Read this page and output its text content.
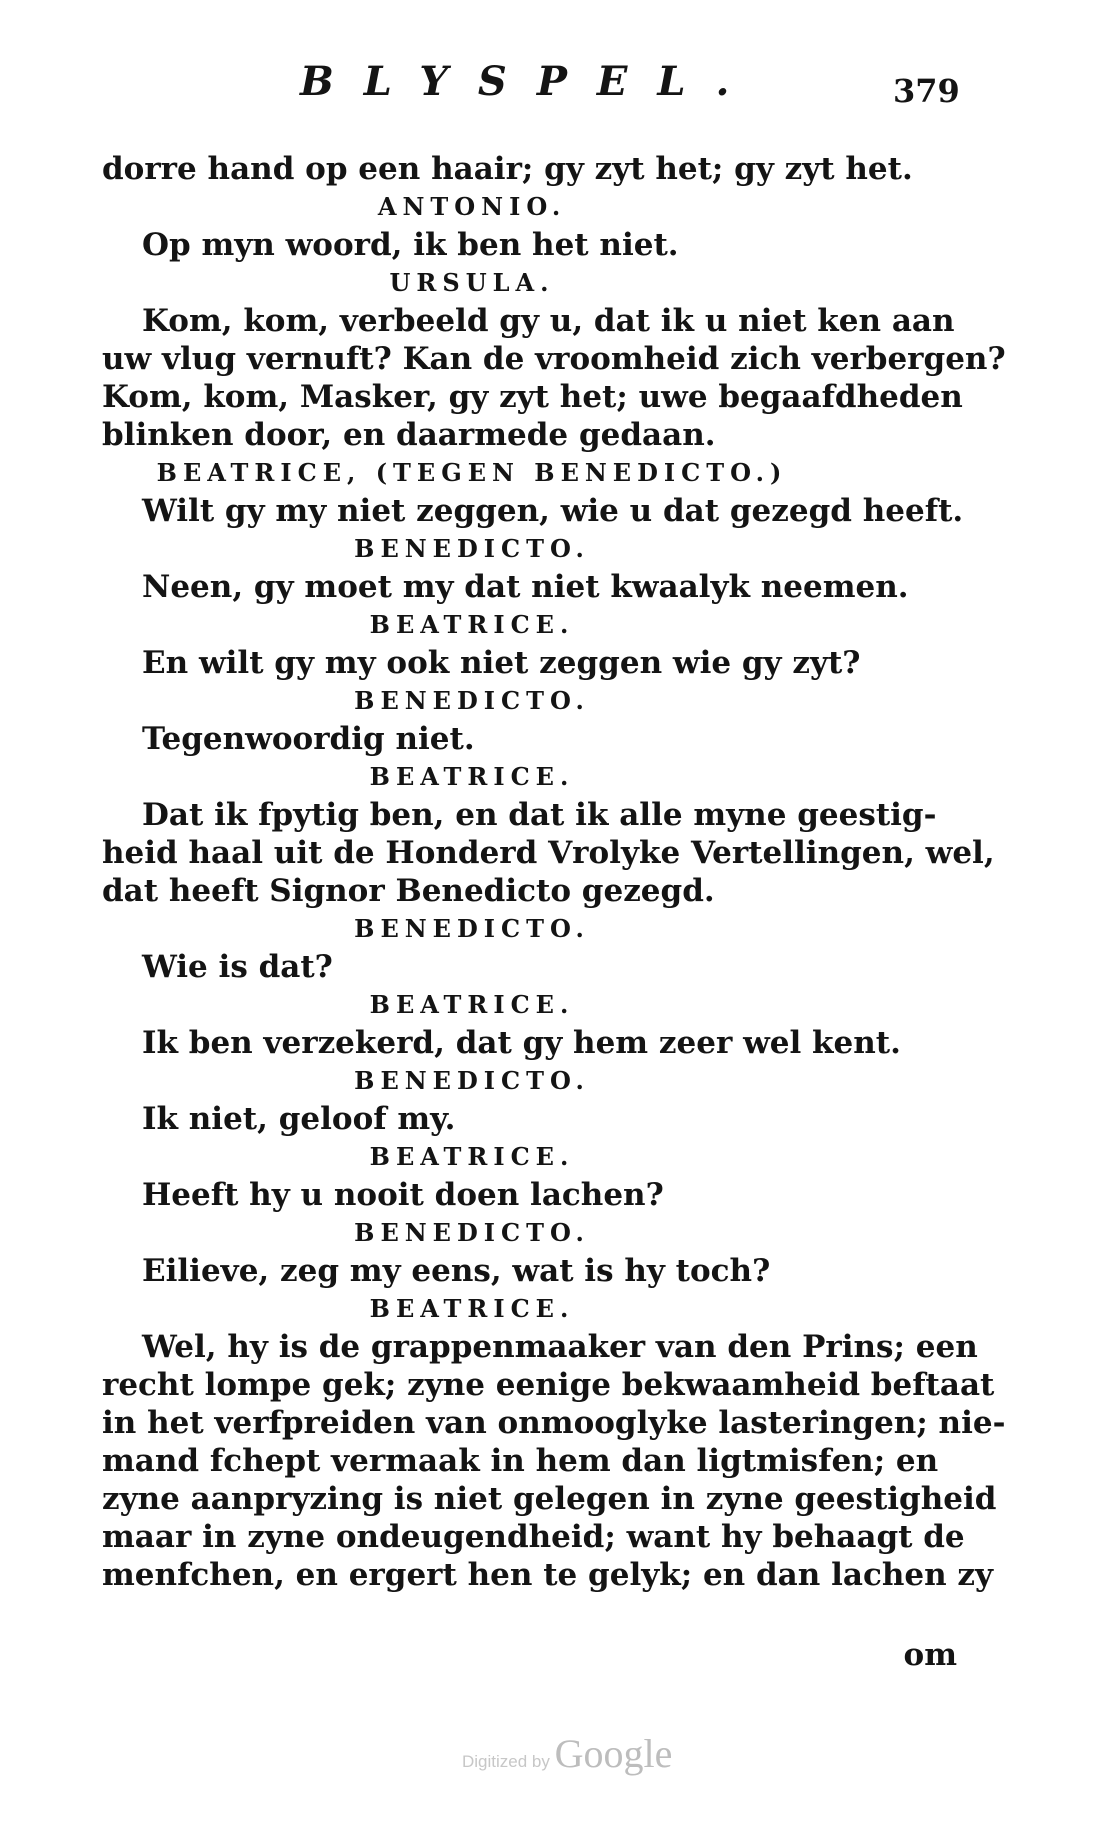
BLYSPEL.	379
dorre hand op een haair; gy zyt het; gy zyt het.
ANTONIO.
Op myn woord, ik ben het niet.
URSULA.
Kom, kom, verbeeld gy u, dat ik u niet ken aan
uw vlug vernuft? Kan de vroomheid zich verbergen?
Kom, kom, Masker, gy zyt het; uwe begaafdheden
blinken door, en daarmede gedaan.
BEATRICE, (TEGEN BENEDICTO.)
Wilt gy my niet zeggen, wie u dat gezegd heeft.
BENEDICTO.
Neen, gy moet my dat niet kwaalyk neemen.
BEATRICE.
En wilt gy my ook niet zeggen wie gy zyt?
BENEDICTO.
Tegenwoordig niet.
BEATRICE.
Dat ik fpytig ben, en dat ik alle myne geestig-
heid haal uit de Honderd Vrolyke Vertellingen, wel,
dat heeft Signor Benedicto gezegd.
BENEDICTO.
Wie is dat?
BEATRICE.
Ik ben verzekerd, dat gy hem zeer wel kent.
BENEDICTO.
Ik niet, geloof my.
BEATRICE.
Heeft hy u nooit doen lachen?
BENEDICTO.
Eilieve, zeg my eens, wat is hy toch?
BEATRICE.
Wel, hy is de grappenmaaker van den Prins; een
recht lompe gek; zyne eenige bekwaamheid beftaat
in het verfpreiden van onmooglyke lasteringen; nie-
mand fchept vermaak in hem dan ligtmisfen; en
zyne aanpryzing is niet gelegen in zyne geestigheid
maar in zyne ondeugendheid; want hy behaagt de
menfchen, en ergert hen te gelyk; en dan lachen zy
om
Digitized by Google
